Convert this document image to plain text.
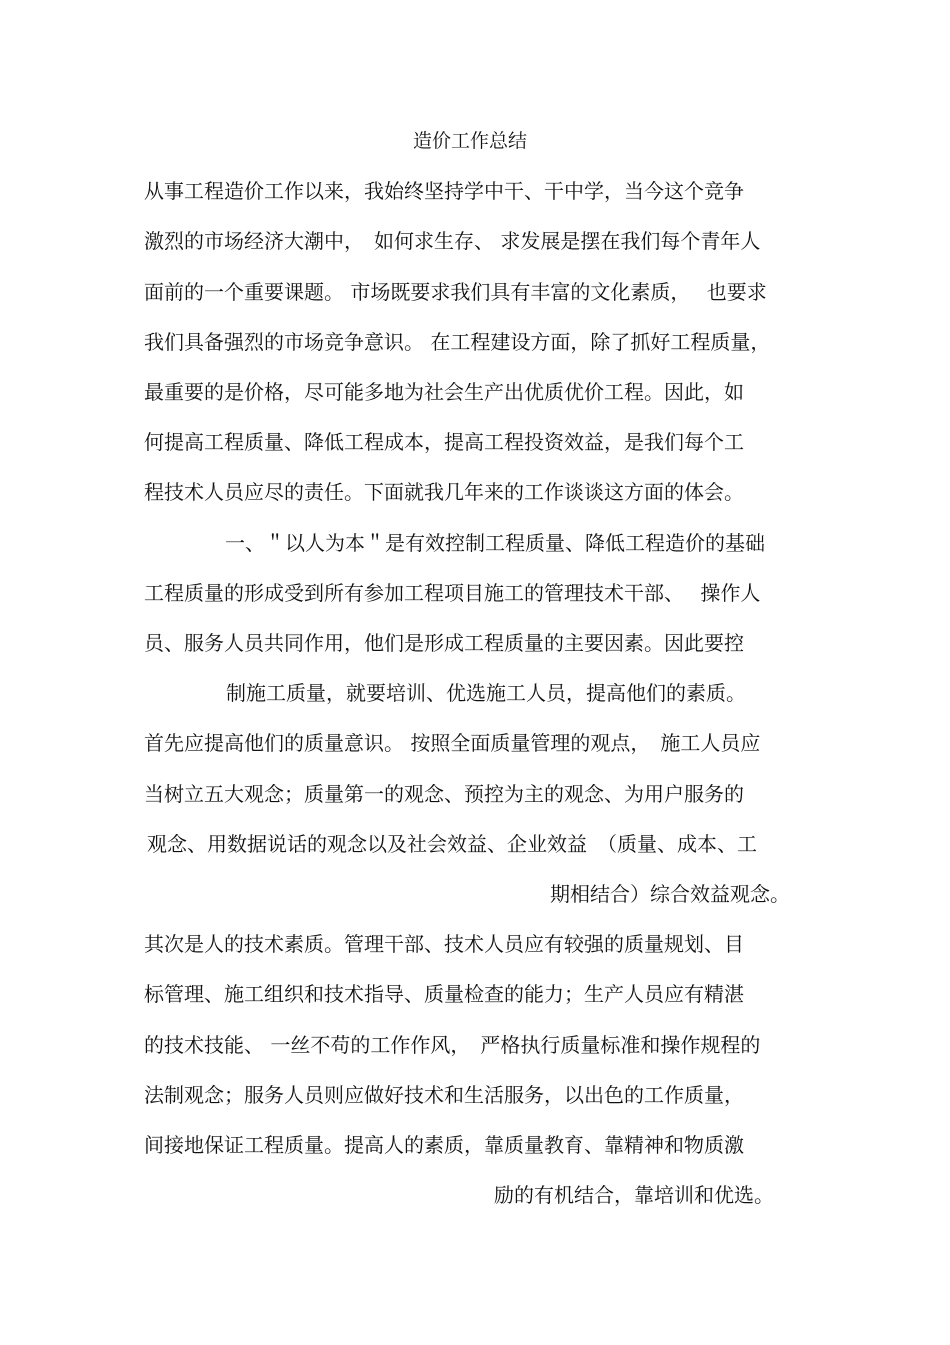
造价工作总结
从事工程造价工作以来，我始终坚持学中干、干中学，当今这个竞争
激烈的市场经济大潮中，　如何求生存、 求发展是摆在我们每个青年人
面前的一个重要课题。 市场既要求我们具有丰富的文化素质，　 也要求
我们具备强烈的市场竞争意识。 在工程建设方面，除了抓好工程质量，
最重要的是价格，尽可能多地为社会生产出优质优价工程。因此，如
何提高工程质量、降低工程成本，提高工程投资效益，是我们每个工
程技术人员应尽的责任。下面就我几年来的工作谈谈这方面的体会。
一、＂以人为本＂是有效控制工程质量、降低工程造价的基础
工程质量的形成受到所有参加工程项目施工的管理技术干部、　 操作人
员、服务人员共同作用，他们是形成工程质量的主要因素。因此要控
制施工质量，就要培训、优选施工人员，提高他们的素质。
首先应提高他们的质量意识。 按照全面质量管理的观点，　施工人员应
当树立五大观念；质量第一的观念、预控为主的观念、为用户服务的
观念、用数据说话的观念以及社会效益、企业效益　（质量、成本、工
期相结合）综合效益观念。
其次是人的技术素质。管理干部、技术人员应有较强的质量规划、目
标管理、施工组织和技术指导、质量检查的能力；生产人员应有精湛
的技术技能、 一丝不苟的工作作风，　严格执行质量标准和操作规程的
法制观念；服务人员则应做好技术和生活服务，以出色的工作质量，
间接地保证工程质量。提高人的素质，靠质量教育、靠精神和物质激
励的有机结合，靠培训和优选。
